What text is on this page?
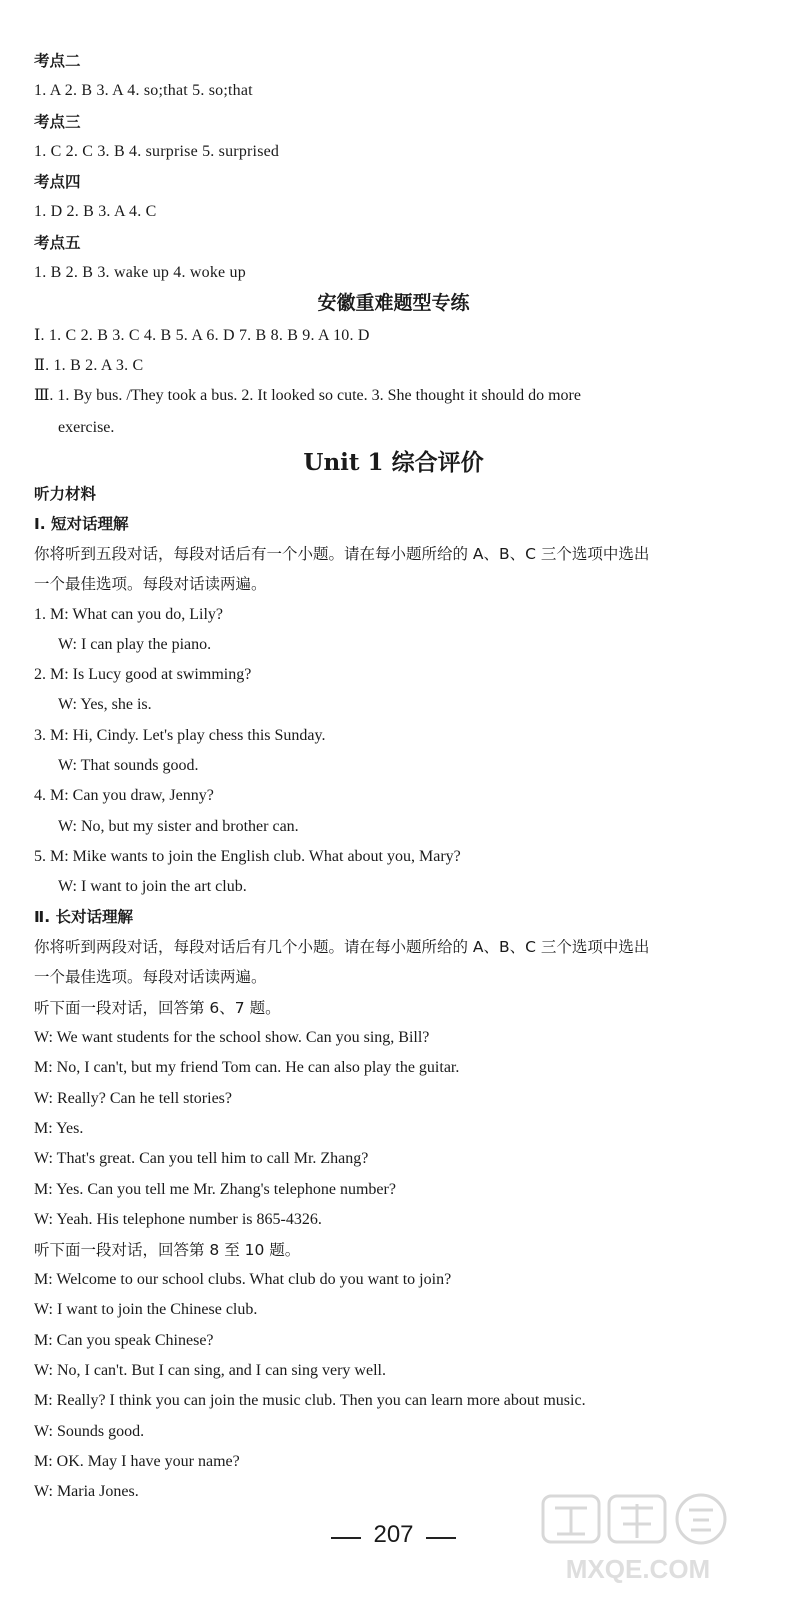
考点二
1. A 2. B 3. A 4. so;that 5. so;that
考点三
1. C 2. C 3. B 4. surprise 5. surprised
考点四
1. D 2. B 3. A 4. C
考点五
1. B 2. B 3. wake up 4. woke up
安徽重难题型专练
Ⅰ. 1. C 2. B 3. C 4. B 5. A 6. D 7. B 8. B 9. A 10. D
Ⅱ. 1. B 2. A 3. C
Ⅲ. 1. By bus. /They took a bus. 2. It looked so cute. 3. She thought it should do more
exercise.
Unit 1 综合评价
听力材料
Ⅰ. 短对话理解
你将听到五段对话，每段对话后有一个小题。请在每小题所给的 A、B、C 三个选项中选出
一个最佳选项。每段对话读两遍。
1. M: What can you do, Lily?
W: I can play the piano.
2. M: Is Lucy good at swimming?
W: Yes, she is.
3. M: Hi, Cindy. Let's play chess this Sunday.
W: That sounds good.
4. M: Can you draw, Jenny?
W: No, but my sister and brother can.
5. M: Mike wants to join the English club. What about you, Mary?
W: I want to join the art club.
Ⅱ. 长对话理解
你将听到两段对话，每段对话后有几个小题。请在每小题所给的 A、B、C 三个选项中选出
一个最佳选项。每段对话读两遍。
听下面一段对话，回答第 6、7 题。
W: We want students for the school show. Can you sing, Bill?
M: No, I can't, but my friend Tom can. He can also play the guitar.
W: Really? Can he tell stories?
M: Yes.
W: That's great. Can you tell him to call Mr. Zhang?
M: Yes. Can you tell me Mr. Zhang's telephone number?
W: Yeah. His telephone number is 865-4326.
听下面一段对话，回答第 8 至 10 题。
M: Welcome to our school clubs. What club do you want to join?
W: I want to join the Chinese club.
M: Can you speak Chinese?
W: No, I can't. But I can sing, and I can sing very well.
M: Really? I think you can join the music club. Then you can learn more about music.
W: Sounds good.
M: OK. May I have your name?
W: Maria Jones.
207
MXQE.COM
